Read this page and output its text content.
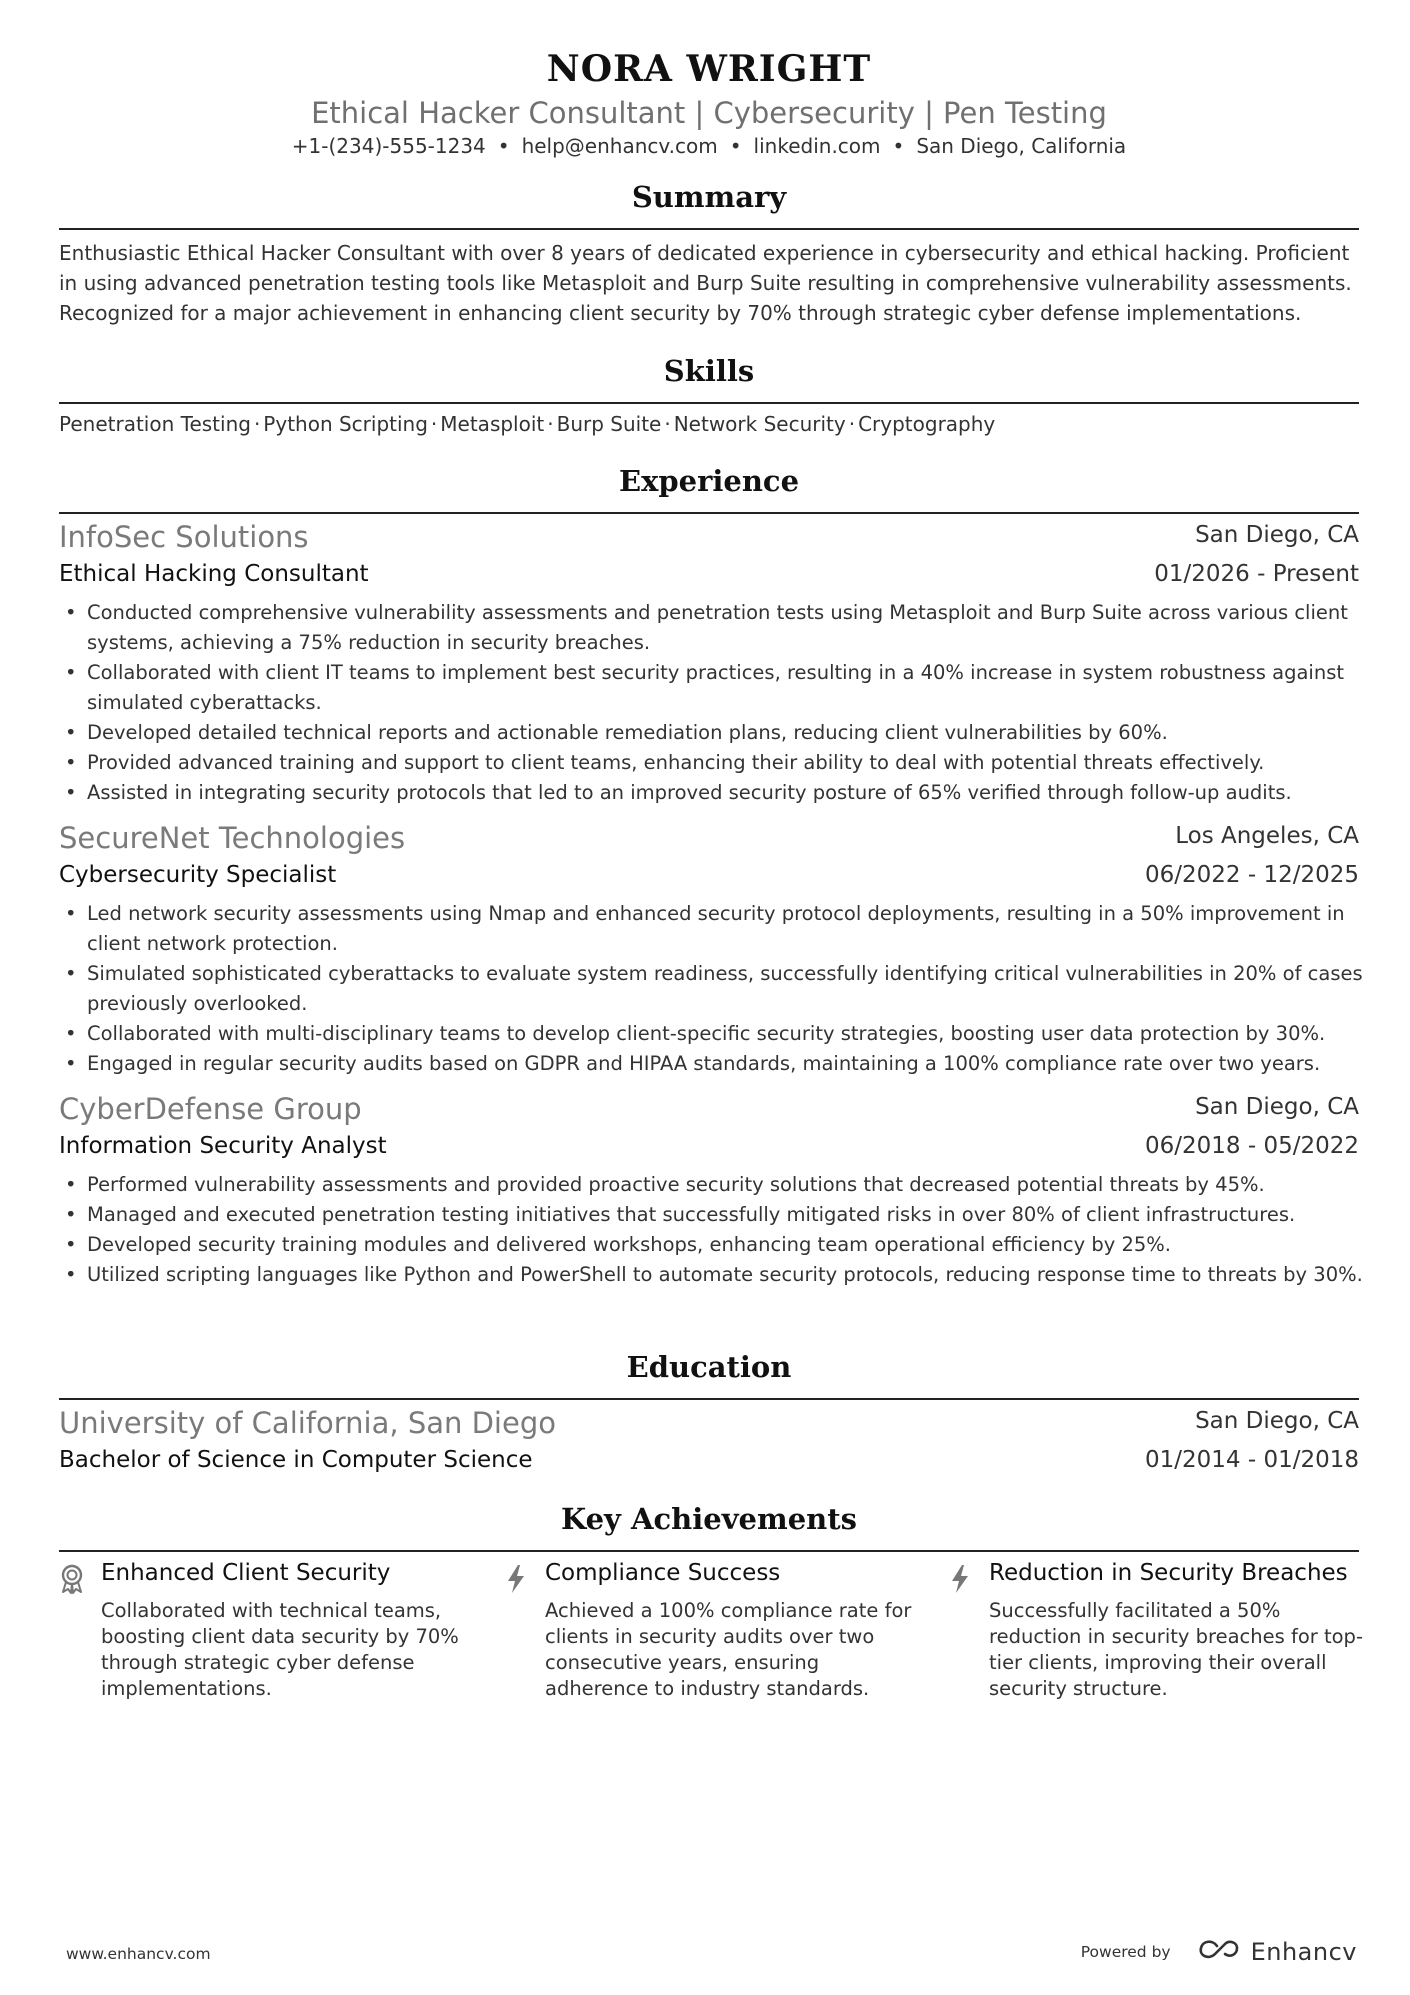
NORA WRIGHT
Ethical Hacker Consultant | Cybersecurity | Pen Testing
+1-(234)-555-1234 • help@enhancv.com • linkedin.com • San Diego, California
Summary
Enthusiastic Ethical Hacker Consultant with over 8 years of dedicated experience in cybersecurity and ethical hacking. Proficient in using advanced penetration testing tools like Metasploit and Burp Suite resulting in comprehensive vulnerability assessments. Recognized for a major achievement in enhancing client security by 70% through strategic cyber defense implementations.
Skills
Penetration Testing · Python Scripting · Metasploit · Burp Suite · Network Security · Cryptography
Experience
InfoSec Solutions	San Diego, CA
Ethical Hacking Consultant	01/2026 - Present
• Conducted comprehensive vulnerability assessments and penetration tests using Metasploit and Burp Suite across various client systems, achieving a 75% reduction in security breaches.
• Collaborated with client IT teams to implement best security practices, resulting in a 40% increase in system robustness against simulated cyberattacks.
• Developed detailed technical reports and actionable remediation plans, reducing client vulnerabilities by 60%.
• Provided advanced training and support to client teams, enhancing their ability to deal with potential threats effectively.
• Assisted in integrating security protocols that led to an improved security posture of 65% verified through follow-up audits.
SecureNet Technologies	Los Angeles, CA
Cybersecurity Specialist	06/2022 - 12/2025
• Led network security assessments using Nmap and enhanced security protocol deployments, resulting in a 50% improvement in client network protection.
• Simulated sophisticated cyberattacks to evaluate system readiness, successfully identifying critical vulnerabilities in 20% of cases previously overlooked.
• Collaborated with multi-disciplinary teams to develop client-specific security strategies, boosting user data protection by 30%.
• Engaged in regular security audits based on GDPR and HIPAA standards, maintaining a 100% compliance rate over two years.
CyberDefense Group	San Diego, CA
Information Security Analyst	06/2018 - 05/2022
• Performed vulnerability assessments and provided proactive security solutions that decreased potential threats by 45%.
• Managed and executed penetration testing initiatives that successfully mitigated risks in over 80% of client infrastructures.
• Developed security training modules and delivered workshops, enhancing team operational efficiency by 25%.
• Utilized scripting languages like Python and PowerShell to automate security protocols, reducing response time to threats by 30%.
Education
University of California, San Diego	San Diego, CA
Bachelor of Science in Computer Science	01/2014 - 01/2018
Key Achievements
Enhanced Client Security
Collaborated with technical teams, boosting client data security by 70% through strategic cyber defense implementations.
Compliance Success
Achieved a 100% compliance rate for clients in security audits over two consecutive years, ensuring adherence to industry standards.
Reduction in Security Breaches
Successfully facilitated a 50% reduction in security breaches for top-tier clients, improving their overall security structure.
www.enhancv.com	Powered by	Enhancv
